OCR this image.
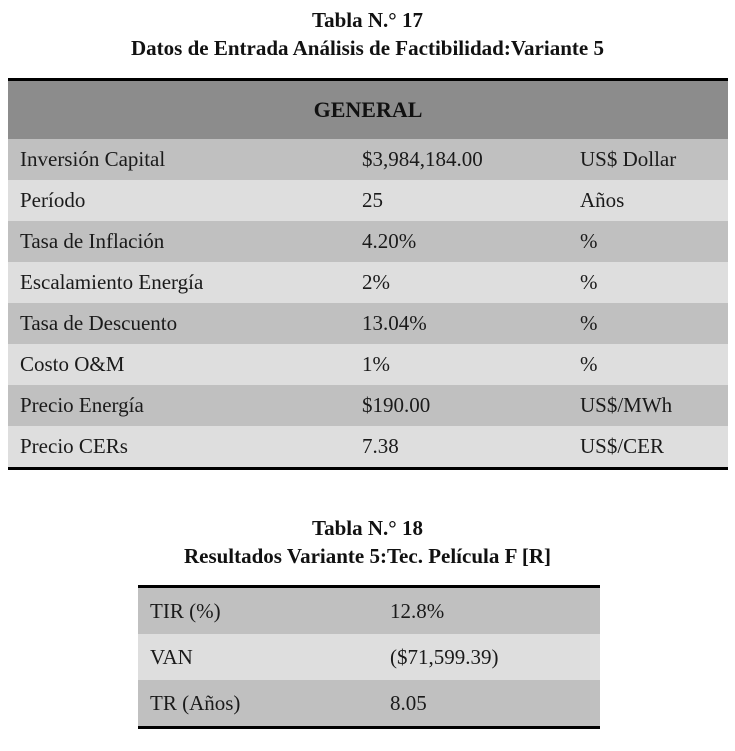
Tabla N.° 17
Datos de Entrada Análisis de Factibilidad:Variante 5
GENERAL		
Inversión Capital	$3,984,184.00	US$ Dollar
Período	25	Años
Tasa de Inflación	4.20%	%
Escalamiento Energía	2%	%
Tasa de Descuento	13.04%	%
Costo O&M	1%	%
Precio Energía	$190.00	US$/MWh
Precio CERs	7.38	US$/CER
Tabla N.° 18
Resultados Variante 5:Tec. Película F [R]
TIR (%)	12.8%
VAN	($71,599.39)
TR (Años)	8.05
